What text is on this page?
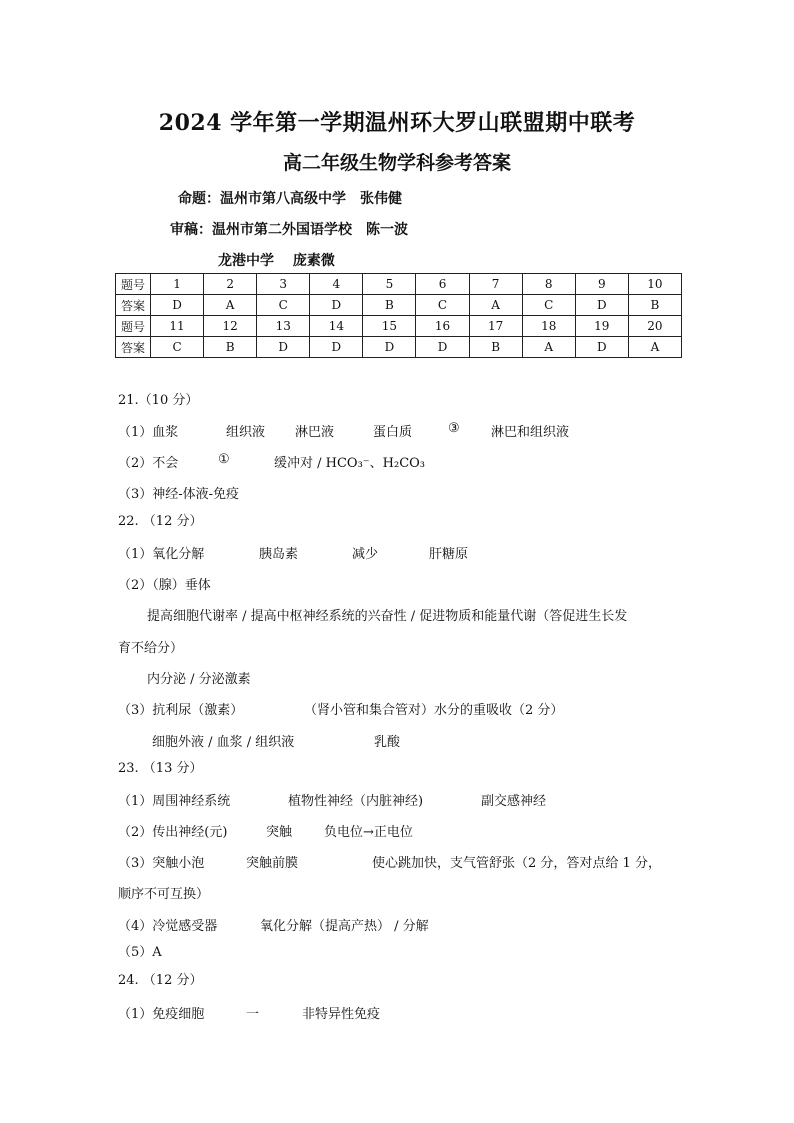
2024 学年第一学期温州环大罗山联盟期中联考
高二年级生物学科参考答案
命题：温州市第八高级中学　张伟健
审稿：温州市第二外国语学校　陈一波
龙港中学　 庞素微
题号	1	2	3	4	5	6	7	8	9	10
答案	D	A	C	D	B	C	A	C	D	B
题号	11	12	13	14	15	16	17	18	19	20
答案	C	B	D	D	D	D	B	A	D	A
21.（10 分）
（1）血浆	组织液 淋巴液	蛋白质	③ 淋巴和组织液
（2）不会	①	缓冲对 / HCO₃⁻、H₂CO₃
（3）神经-体液-免疫
22. （12 分）
（1）氧化分解	胰岛素	减少	肝糖原
（2）（腺）垂体
提高细胞代谢率 / 提高中枢神经系统的兴奋性 / 促进物质和能量代谢（答促进生长发
育不给分）
内分泌 / 分泌激素
（3）抗利尿（激素）	（肾小管和集合管对）水分的重吸收（2 分）
细胞外液 / 血浆 / 组织液	乳酸
23. （13 分）
（1）周围神经系统	植物性神经（内脏神经)	副交感神经
（2）传出神经(元)	突触 负电位→正电位
（3）突触小泡	突触前膜	使心跳加快，支气管舒张（2 分，答对点给 1 分，
顺序不可互换）
（4）冷觉感受器	氧化分解（提高产热） / 分解
（5）A
24. （12 分）
（1）免疫细胞	一	非特异性免疫
